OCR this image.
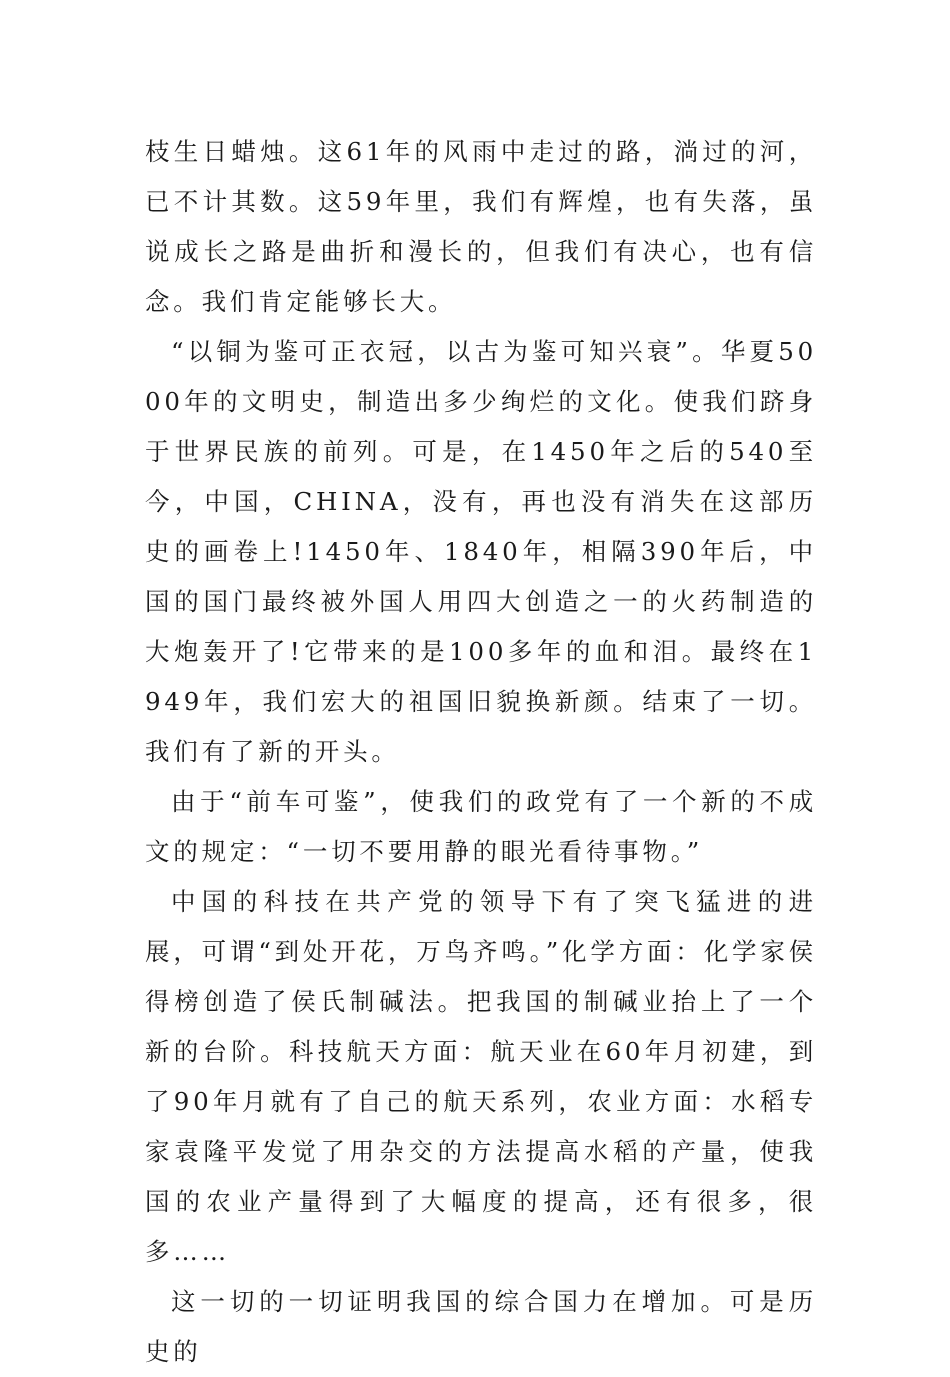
枝生日蜡烛。这61年的风雨中走过的路，淌过的河，已不计其数。这59年里，我们有辉煌，也有失落，虽说成长之路是曲折和漫长的，但我们有决心，也有信念。我们肯定能够长大。

“以铜为鉴可正衣冠，以古为鉴可知兴衰”。华夏5000年的文明史，制造出多少绚烂的文化。使我们跻身于世界民族的前列。可是，在1450年之后的540至今，中国，CHINA，没有，再也没有消失在这部历史的画卷上!1450年、1840年，相隔390年后，中国的国门最终被外国人用四大创造之一的火药制造的大炮轰开了!它带来的是100多年的血和泪。最终在1949年，我们宏大的祖国旧貌换新颜。结束了一切。我们有了新的开头。

由于“前车可鉴”，使我们的政党有了一个新的不成文的规定：“一切不要用静的眼光看待事物。”

中国的科技在共产党的领导下有了突飞猛进的进展，可谓“到处开花，万鸟齐鸣。”化学方面：化学家侯得榜创造了侯氏制碱法。把我国的制碱业抬上了一个新的台阶。科技航天方面：航天业在60年月初建，到了90年月就有了自己的航天系列，农业方面：水稻专家袁隆平发觉了用杂交的方法提高水稻的产量，使我国的农业产量得到了大幅度的提高，还有很多，很多……

这一切的一切证明我国的综合国力在增加。可是历史的
